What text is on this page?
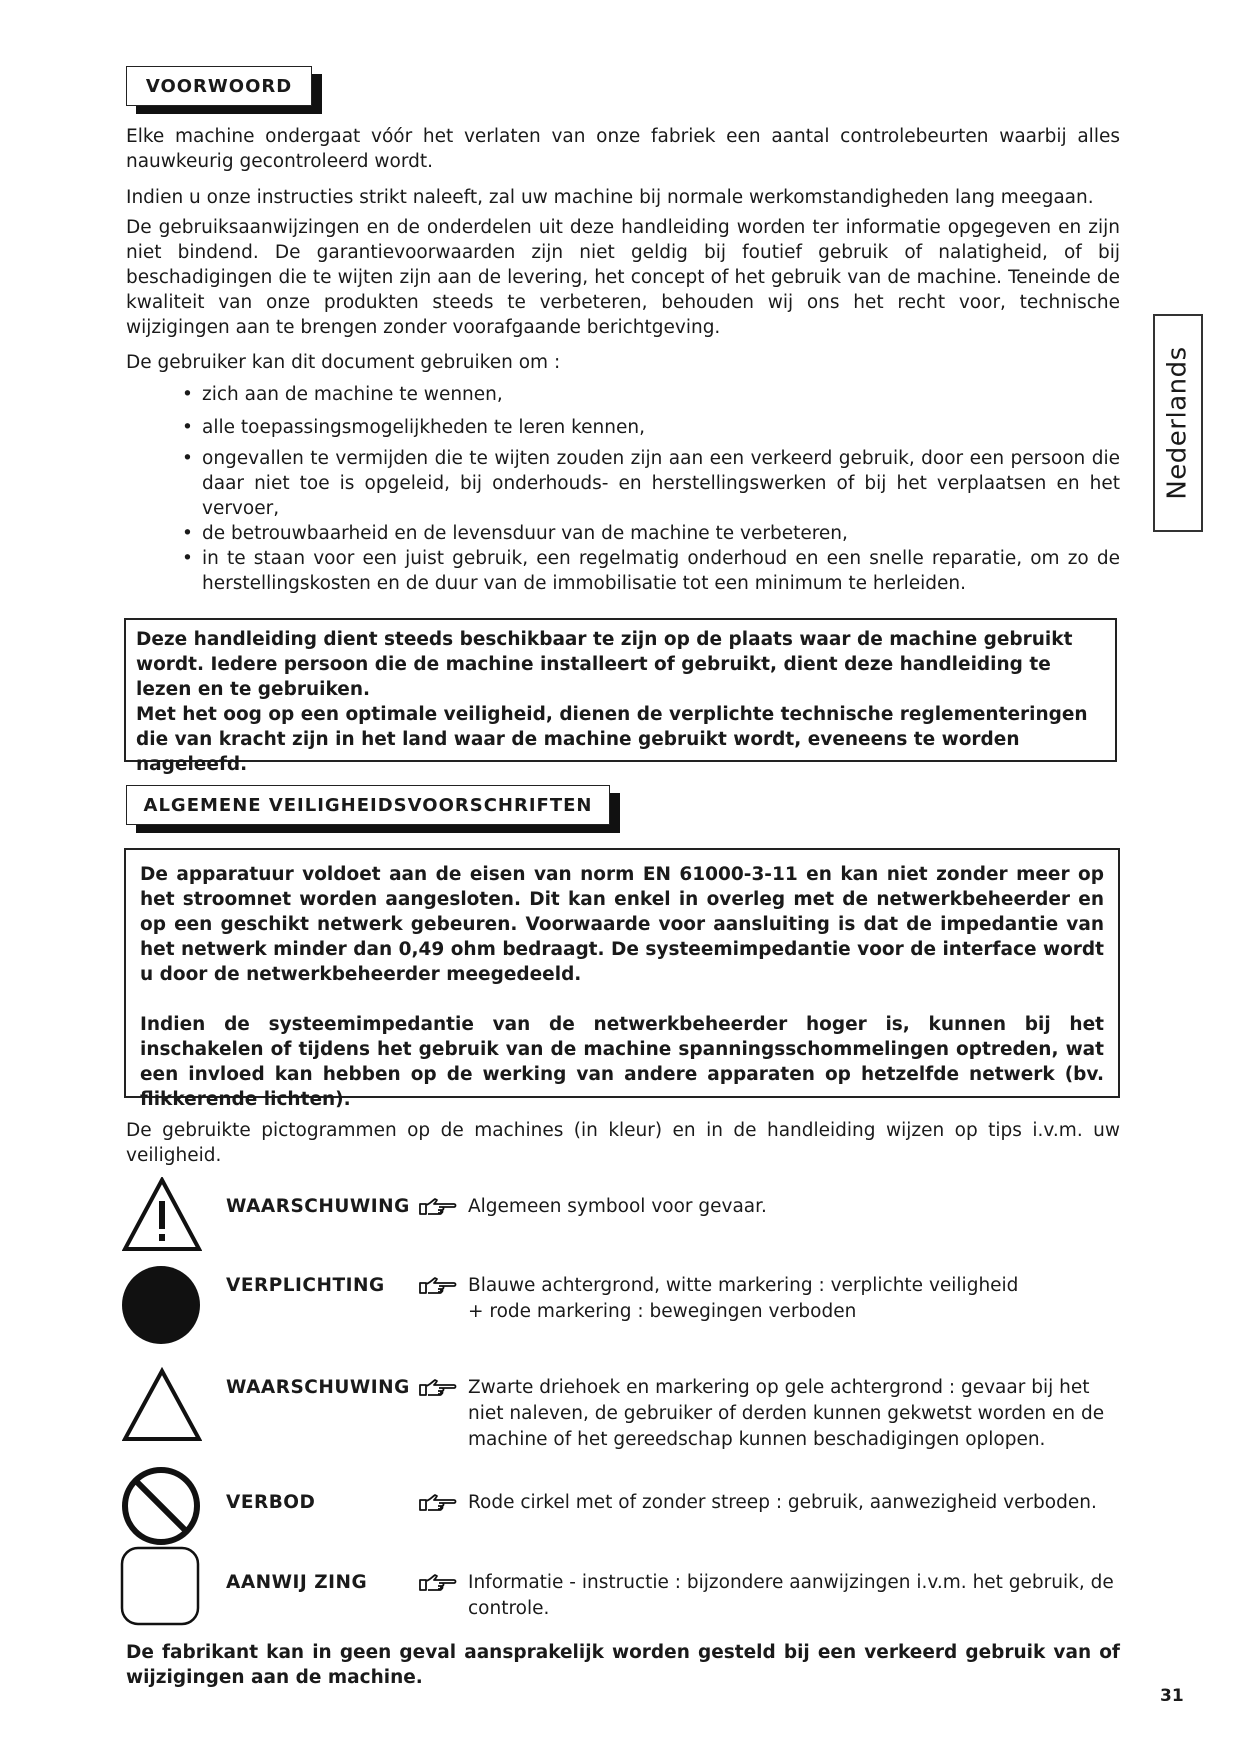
VOORWOORD

Elke machine ondergaat vóór het verlaten van onze fabriek een aantal controlebeurten waarbij alles nauwkeurig gecontroleerd wordt.

Indien u onze instructies strikt naleeft, zal uw machine bij normale werkomstandigheden lang meegaan.

De gebruiksaanwijzingen en de onderdelen uit deze handleiding worden ter informatie opgegeven en zijn niet bindend. De garantievoorwaarden zijn niet geldig bij foutief gebruik of nalatigheid, of bij beschadigingen die te wijten zijn aan de levering, het concept of het gebruik van de machine. Teneinde de kwaliteit van onze produkten steeds te verbeteren, behouden wij ons het recht voor, technische wijzigingen aan te brengen zonder voorafgaande berichtgeving.

De gebruiker kan dit document gebruiken om :

• zich aan de machine te wennen,
• alle toepassingsmogelijkheden te leren kennen,
• ongevallen te vermijden die te wijten zouden zijn aan een verkeerd gebruik, door een persoon die daar niet toe is opgeleid, bij onderhouds- en herstellingswerken of bij het verplaatsen en het vervoer,
• de betrouwbaarheid en de levensduur van de machine te verbeteren,
• in te staan voor een juist gebruik, een regelmatig onderhoud en een snelle reparatie, om zo de herstellingskosten en de duur van de immobilisatie tot een minimum te herleiden.

Deze handleiding dient steeds beschikbaar te zijn op de plaats waar de machine gebruikt wordt. Iedere persoon die de machine installeert of gebruikt, dient deze handleiding te lezen en te gebruiken.

Met het oog op een optimale veiligheid, dienen de verplichte technische reglementeringen die van kracht zijn in het land waar de machine gebruikt wordt, eveneens te worden nageleefd.

ALGEMENE VEILIGHEIDSVOORSCHRIFTEN

De apparatuur voldoet aan de eisen van norm EN 61000-3-11 en kan niet zonder meer op het stroomnet worden aangesloten. Dit kan enkel in overleg met de netwerkbeheerder en op een geschikt netwerk gebeuren. Voorwaarde voor aansluiting is dat de impedantie van het netwerk minder dan 0,49 ohm bedraagt. De systeemimpedantie voor de interface wordt u door de netwerkbeheerder meegedeeld.

Indien de systeemimpedantie van de netwerkbeheerder hoger is, kunnen bij het inschakelen of tijdens het gebruik van de machine spanningsschommelingen optreden, wat een invloed kan hebben op de werking van andere apparaten op hetzelfde netwerk (bv. flikkerende lichten).

De gebruikte pictogrammen op de machines (in kleur) en in de handleiding wijzen op tips i.v.m. uw veiligheid.

WAARSCHUWING	Algemeen symbool voor gevaar.
VERPLICHTING	Blauwe achtergrond, witte markering : verplichte veiligheid
+ rode markering : bewegingen verboden
WAARSCHUWING	Zwarte driehoek en markering op gele achtergrond : gevaar bij het
niet naleven, de gebruiker of derden kunnen gekwetst worden en de
machine of het gereedschap kunnen beschadigingen oplopen.
VERBOD	Rode cirkel met of zonder streep : gebruik, aanwezigheid verboden.
AANWIJ ZING	Informatie - instructie : bijzondere aanwijzingen i.v.m. het gebruik, de
controle.

De fabrikant kan in geen geval aansprakelijk worden gesteld bij een verkeerd gebruik van of wijzigingen aan de machine.

Nederlands
31
